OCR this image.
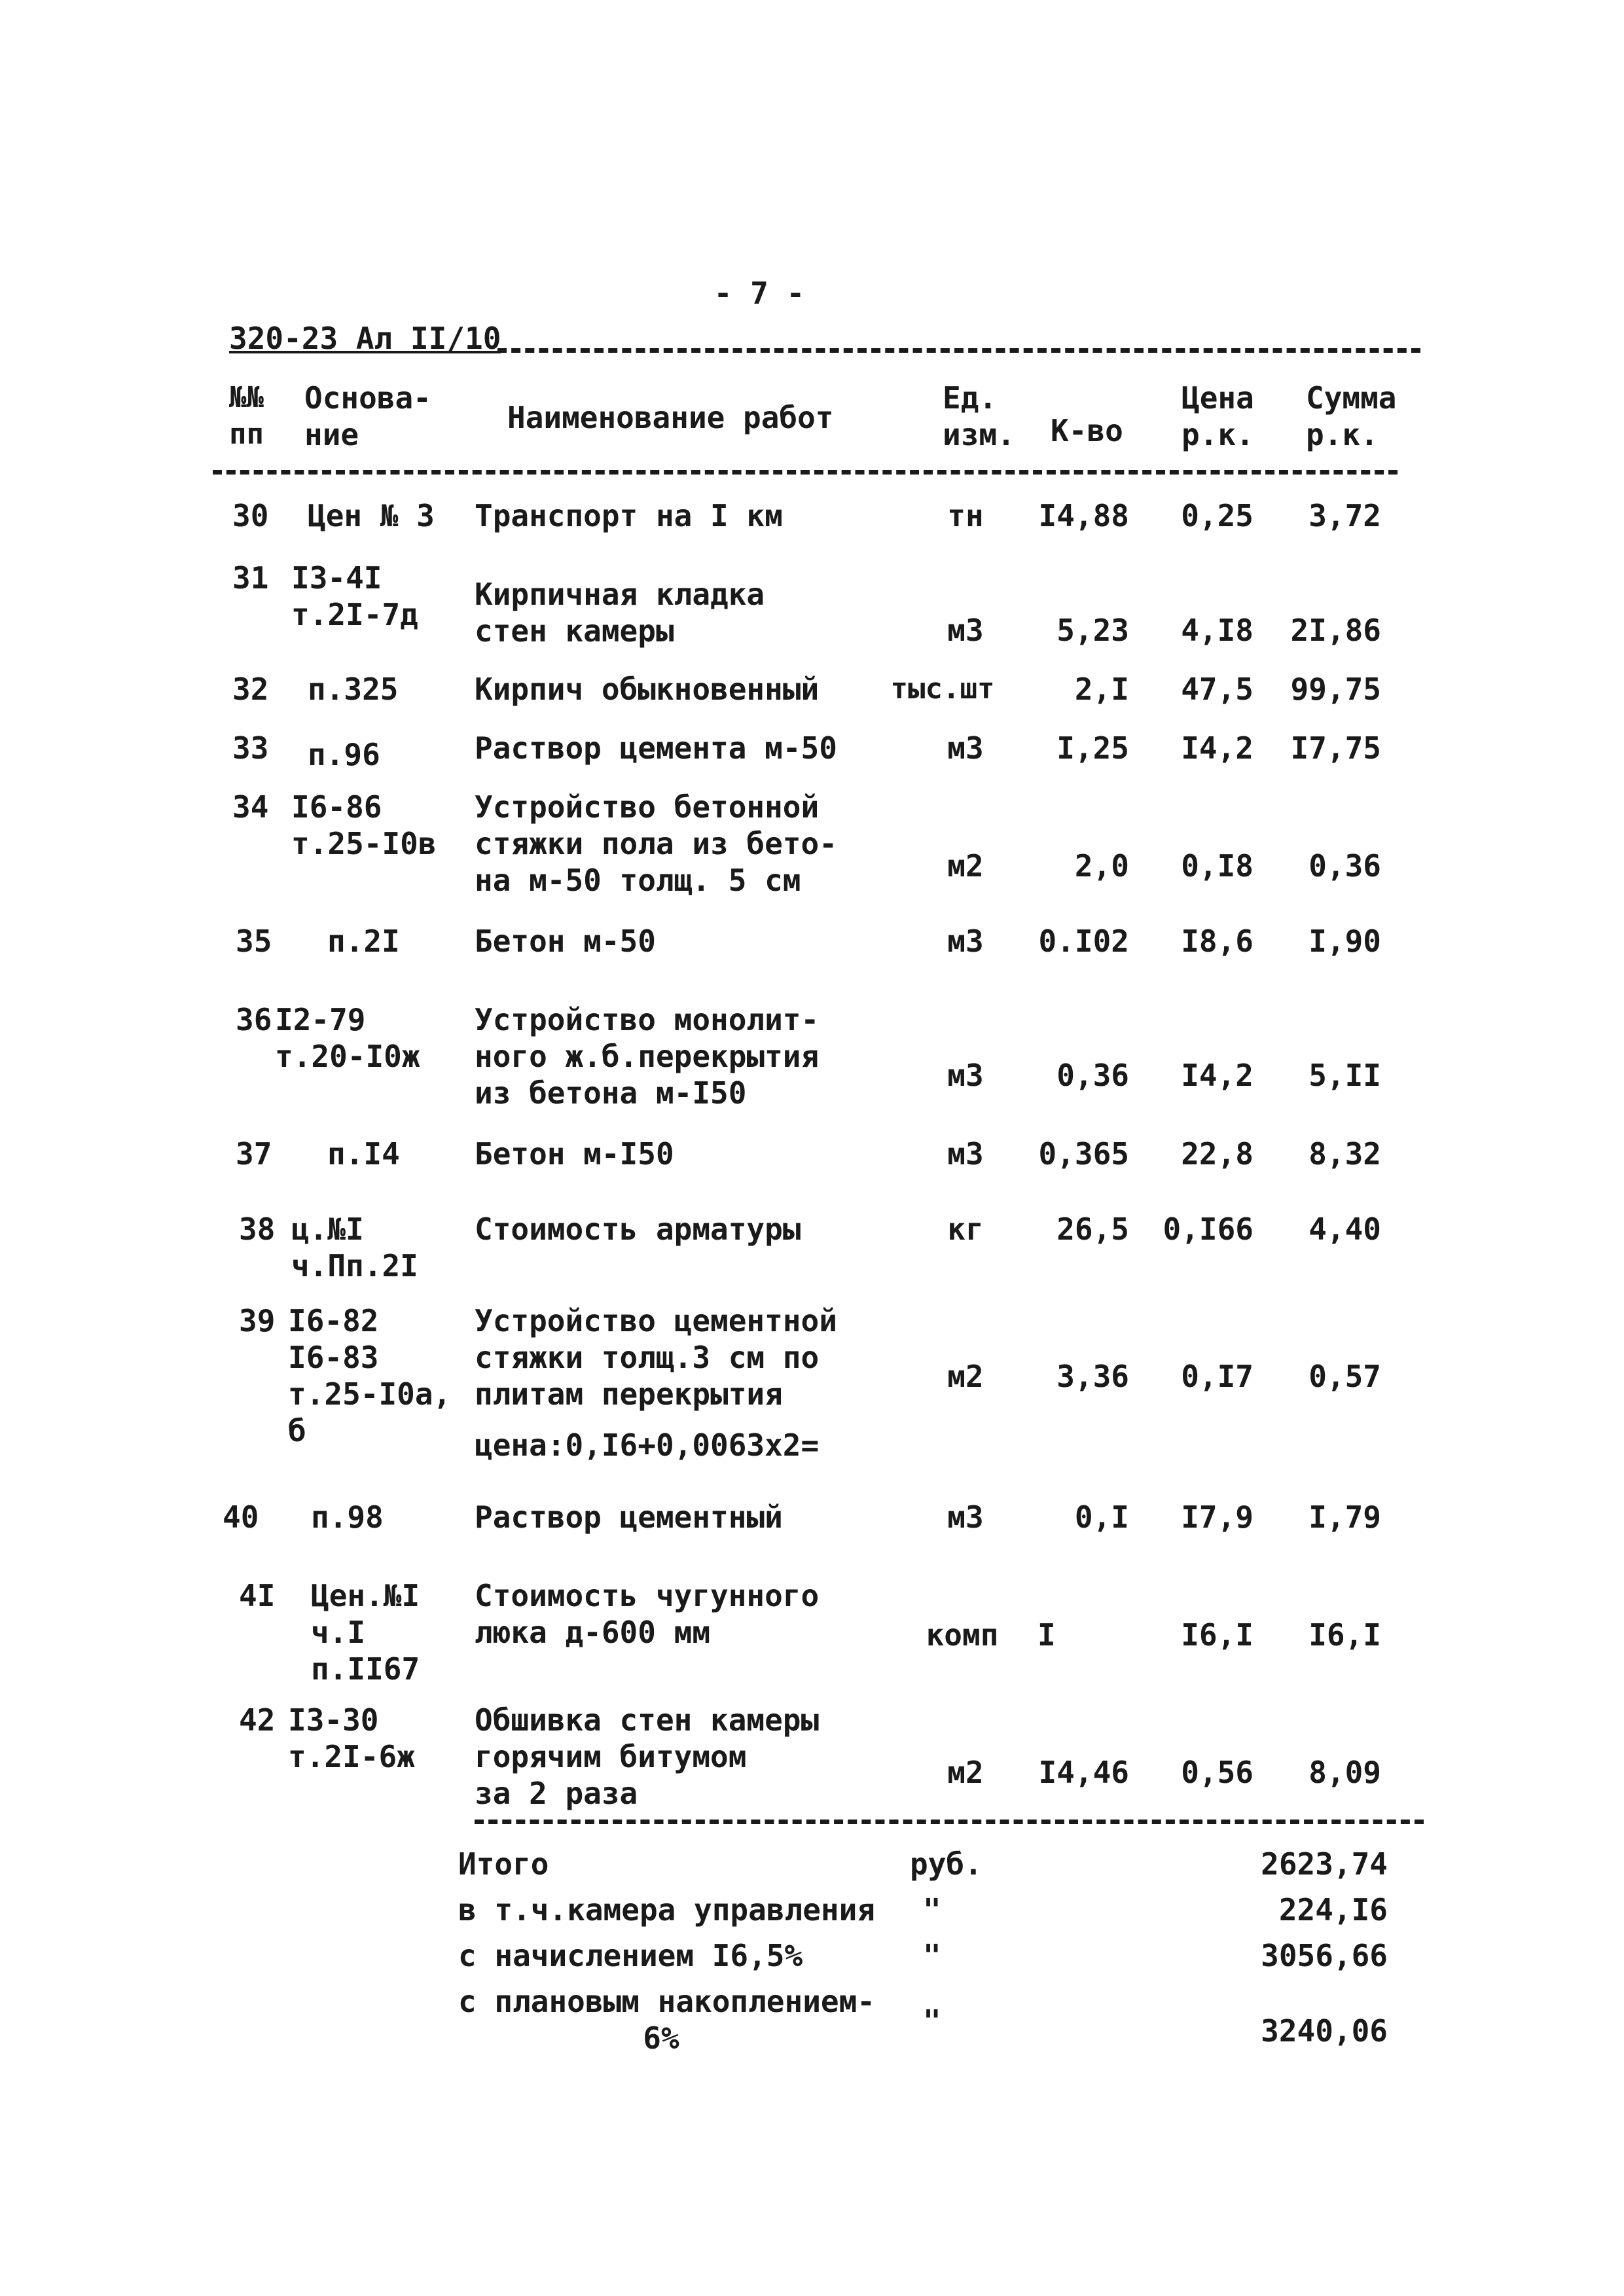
- 7 -
320-23 Ал II/10
№№
пп
Основа-
ние	Наименование работ
Ед.
изм. К-во
Цена
р.к.
Сумма
р.к.
30 Цен № 3 Транспорт на I км	тн	I4,88	0,25	3,72
31 I3-4I
т.2I-7д
Кирпичная кладка
стен камеры	м3	5,23	4,I8	2I,86
32 п.325	Кирпич обыкновенный	тыс.шт	2,I	47,5	99,75
33 п.96	Раствор цемента м-50	м3	I,25	I4,2	I7,75
34 I6-86
т.25-I0в
Устройство бетонной
стяжки пола из бето-
на м-50 толщ. 5 см	м2	2,0	0,I8	0,36
35 п.2I Бетон м-50	м3	0.I02	I8,6	I,90
36 I2-79
т.20-I0ж
Устройство монолит-
ного ж.б.перекрытия
из бетона м-I50	м3	0,36	I4,2	5,II
37 п.I4 Бетон м-I50	м3	0,365	22,8	8,32
38 ц.№I
ч.Пп.2I
Стоимость арматуры	кг	26,5	0,I66	4,40
39 I6-82
I6-83
т.25-I0а,
б
Устройство цементной
стяжки толщ.3 см по
плитам перекрытия	м2	3,36	0,I7	0,57
цена:0,I6+0,0063х2=
40 п.98	Раствор цементный	м3	0,I	I7,9	I,79
4I Цен.№I
ч.I
п.II67
Стоимость чугунного
люка д-600 мм	комп	I	I6,I	I6,I
42 I3-30
т.2I-6ж
Обшивка стен камеры
горячим битумом
за 2 раза
м2	I4,46	0,56	8,09
Итого	руб.	2623,74
в т.ч.камера управления "	224,I6
с начислением I6,5%	"	3056,66
с плановым накоплением-
6%	"	3240,06
